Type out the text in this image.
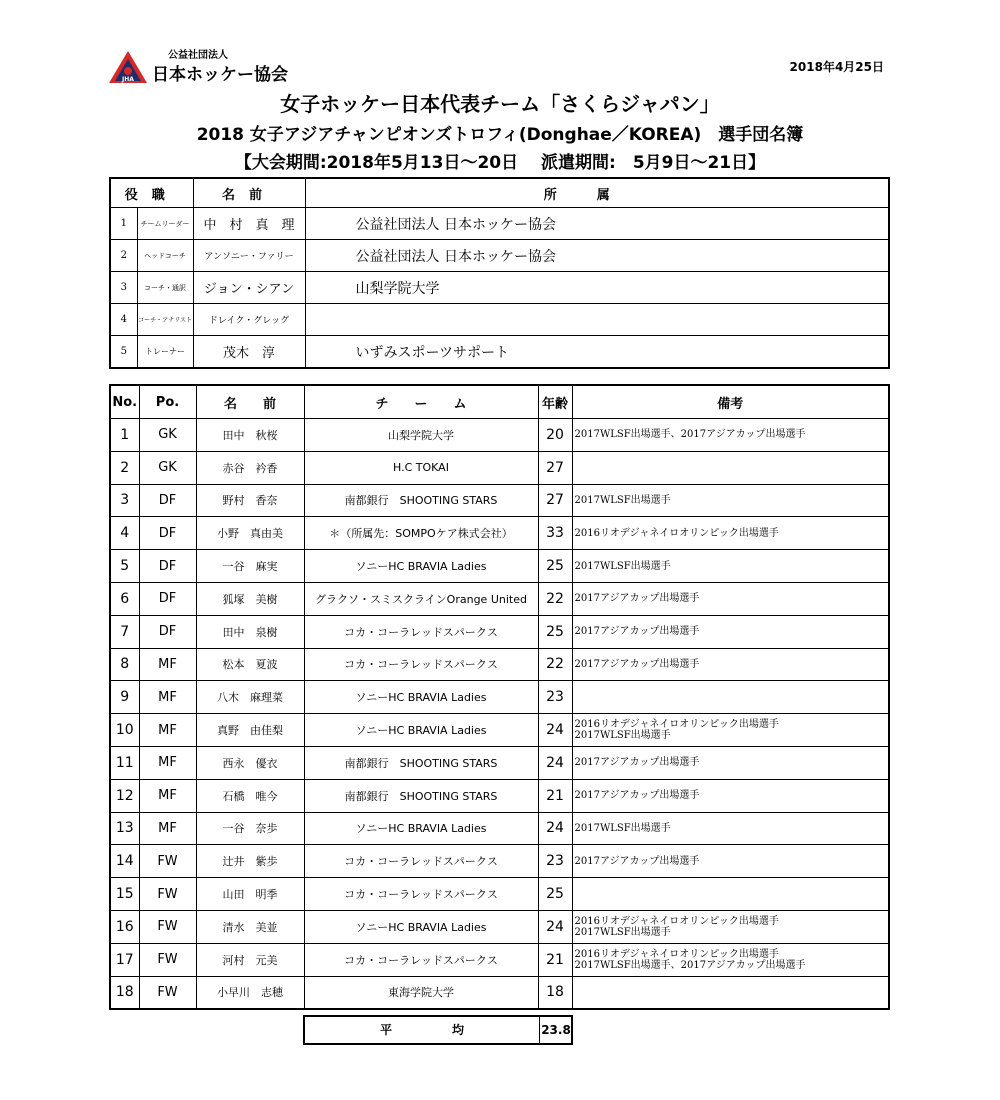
JHA
公益社団法人
日本ホッケー協会	2018年4月25日
女子ホッケー日本代表チーム「さくらジャパン」
2018 女子アジアチャンピオンズトロフィ(Donghae／KOREA)　選手団名簿
【大会期間:2018年5月13日～20日　 派遣期間:　5月9日～21日】
役職		名前	所属
1	チームリーダー	中　村　真　理	公益社団法人 日本ホッケー協会
2	ヘッドコーチ	アンソニー・ファリー	公益社団法人 日本ホッケー協会
3	コーチ・通訳	ジョン・シアン	山梨学院大学
4	コーチ・アナリスト	ドレイク・グレッグ	
5	トレーナー	茂木　淳	いずみスポーツサポート
No.	Po.	名　　前	チ　　ー　　ム	年齢	備考
1	GK	田中　秋桜	山梨学院大学	20	2017WLSF出場選手、2017アジアカップ出場選手

2	GK	赤谷　衿香	H.C TOKAI	27	

3	DF	野村　香奈	南都銀行　SHOOTING STARS	27	2017WLSF出場選手

4	DF	小野　真由美	＊（所属先：SOMPOケア株式会社）	33	2016リオデジャネイロオリンピック出場選手

5	DF	一谷　麻実	ソニーHC BRAVIA Ladies	25	2017WLSF出場選手

6	DF	狐塚　美樹	グラクソ・スミスクラインOrange United	22	2017アジアカップ出場選手

7	DF	田中　泉樹	コカ・コーラレッドスパークス	25	2017アジアカップ出場選手

8	MF	松本　夏波	コカ・コーラレッドスパークス	22	2017アジアカップ出場選手

9	MF	八木　麻理菜	ソニーHC BRAVIA Ladies	23	

10	MF	真野　由佳梨	ソニーHC BRAVIA Ladies	24	2016リオデジャネイロオリンピック出場選手
2017WLSF出場選手

11	MF	西永　優衣	南都銀行　SHOOTING STARS	24	2017アジアカップ出場選手

12	MF	石橋　唯今	南都銀行　SHOOTING STARS	21	2017アジアカップ出場選手

13	MF	一谷　奈歩	ソニーHC BRAVIA Ladies	24	2017WLSF出場選手

14	FW	辻井　紫歩	コカ・コーラレッドスパークス	23	2017アジアカップ出場選手

15	FW	山田　明季	コカ・コーラレッドスパークス	25	

16	FW	清水　美並	ソニーHC BRAVIA Ladies	24	2016リオデジャネイロオリンピック出場選手
2017WLSF出場選手

17	FW	河村　元美	コカ・コーラレッドスパークス	21	2016リオデジャネイロオリンピック出場選手
2017WLSF出場選手、2017アジアカップ出場選手

18	FW	小早川　志穂	東海学院大学	18	
平均	23.8
